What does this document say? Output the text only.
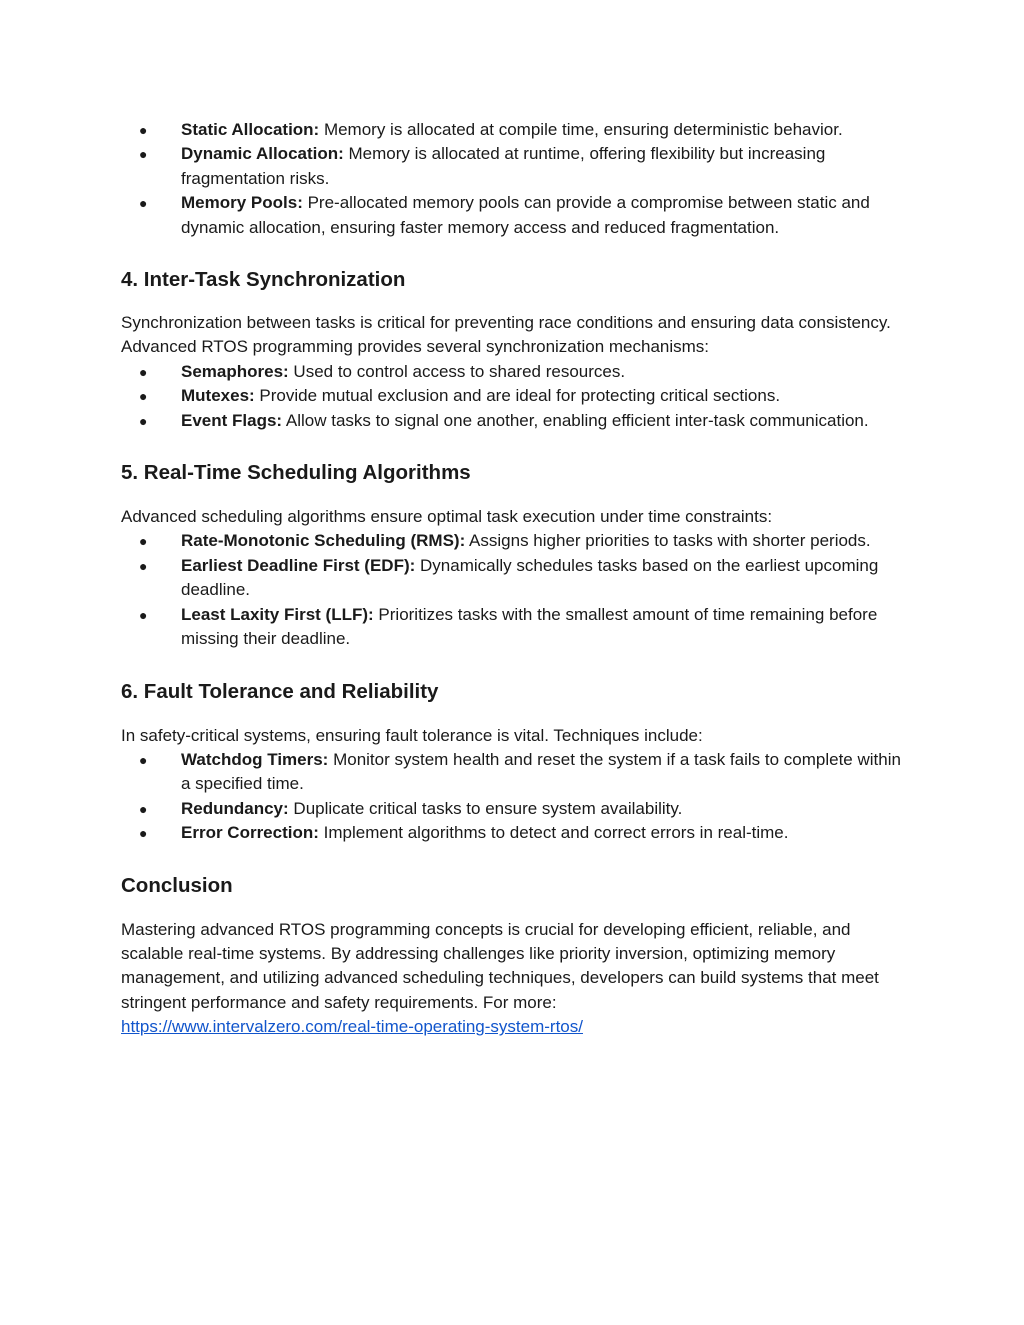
● Static Allocation: Memory is allocated at compile time, ensuring deterministic behavior.
● Dynamic Allocation: Memory is allocated at runtime, offering flexibility but increasing fragmentation risks.
● Memory Pools: Pre-allocated memory pools can provide a compromise between static and dynamic allocation, ensuring faster memory access and reduced fragmentation.
4. Inter-Task Synchronization

Synchronization between tasks is critical for preventing race conditions and ensuring data consistency. Advanced RTOS programming provides several synchronization mechanisms:

● Semaphores: Used to control access to shared resources.
● Mutexes: Provide mutual exclusion and are ideal for protecting critical sections.
● Event Flags: Allow tasks to signal one another, enabling efficient inter-task communication.
5. Real-Time Scheduling Algorithms

Advanced scheduling algorithms ensure optimal task execution under time constraints:

● Rate-Monotonic Scheduling (RMS): Assigns higher priorities to tasks with shorter periods.
● Earliest Deadline First (EDF): Dynamically schedules tasks based on the earliest upcoming deadline.
● Least Laxity First (LLF): Prioritizes tasks with the smallest amount of time remaining before missing their deadline.
6. Fault Tolerance and Reliability

In safety-critical systems, ensuring fault tolerance is vital. Techniques include:

● Watchdog Timers: Monitor system health and reset the system if a task fails to complete within a specified time.
● Redundancy: Duplicate critical tasks to ensure system availability.
● Error Correction: Implement algorithms to detect and correct errors in real-time.
Conclusion

Mastering advanced RTOS programming concepts is crucial for developing efficient, reliable, and scalable real-time systems. By addressing challenges like priority inversion, optimizing memory management, and utilizing advanced scheduling techniques, developers can build systems that meet stringent performance and safety requirements. For more:
https://www.intervalzero.com/real-time-operating-system-rtos/
